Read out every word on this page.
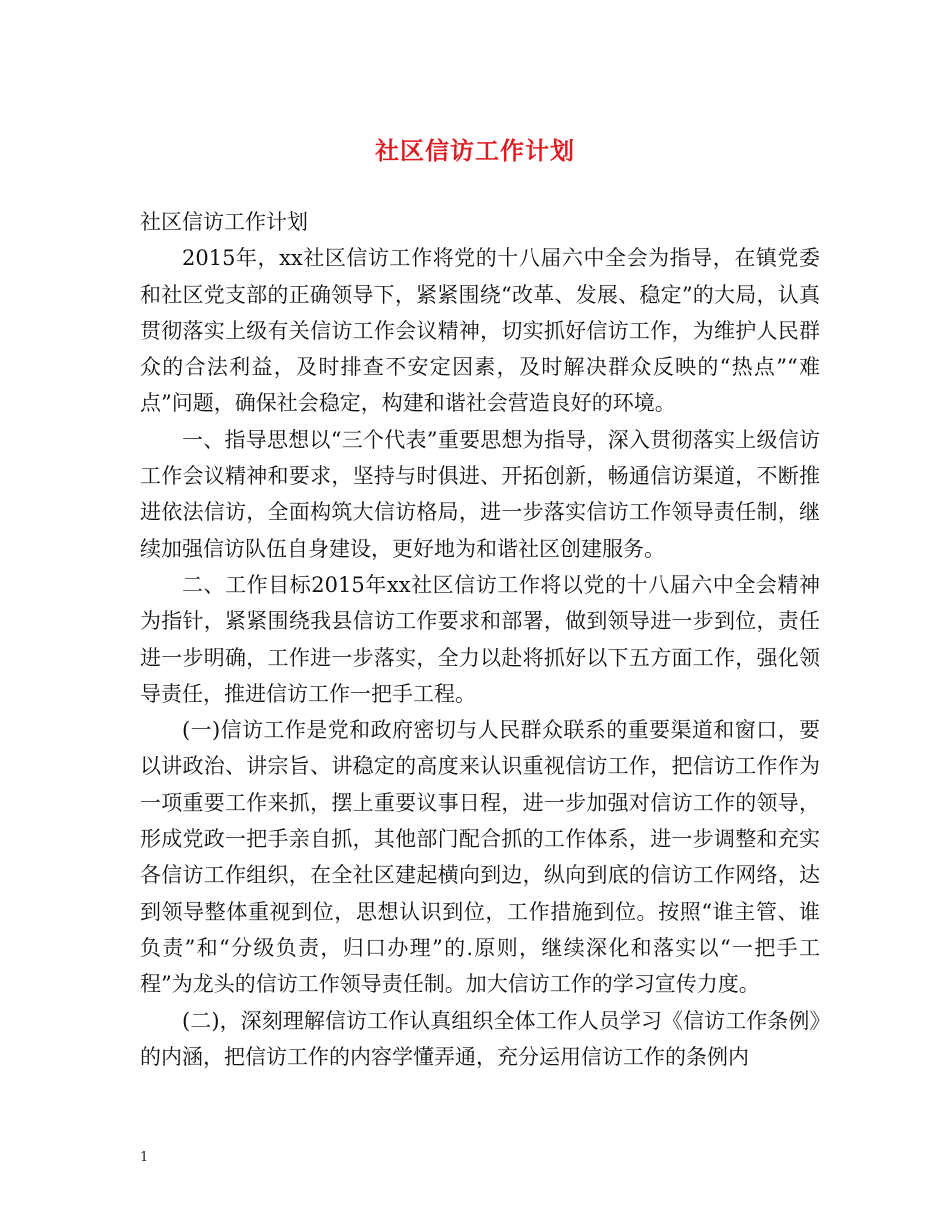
社区信访工作计划

社区信访工作计划

2015年，xx社区信访工作将党的十八届六中全会为指导，在镇党委和社区党支部的正确领导下，紧紧围绕“改革、发展、稳定”的大局，认真贯彻落实上级有关信访工作会议精神，切实抓好信访工作，为维护人民群众的合法利益，及时排查不安定因素，及时解决群众反映的“热点”“难点”问题，确保社会稳定，构建和谐社会营造良好的环境。

一、指导思想以“三个代表”重要思想为指导，深入贯彻落实上级信访工作会议精神和要求，坚持与时俱进、开拓创新，畅通信访渠道，不断推进依法信访，全面构筑大信访格局，进一步落实信访工作领导责任制，继续加强信访队伍自身建设，更好地为和谐社区创建服务。

二、工作目标2015年xx社区信访工作将以党的十八届六中全会精神为指针，紧紧围绕我县信访工作要求和部署，做到领导进一步到位，责任进一步明确，工作进一步落实，全力以赴将抓好以下五方面工作，强化领导责任，推进信访工作一把手工程。

(一)信访工作是党和政府密切与人民群众联系的重要渠道和窗口，要以讲政治、讲宗旨、讲稳定的高度来认识重视信访工作，把信访工作作为一项重要工作来抓，摆上重要议事日程，进一步加强对信访工作的领导，形成党政一把手亲自抓，其他部门配合抓的工作体系，进一步调整和充实各信访工作组织，在全社区建起横向到边，纵向到底的信访工作网络，达到领导整体重视到位，思想认识到位，工作措施到位。按照“谁主管、谁负责”和“分级负责，归口办理”的.原则，继续深化和落实以“一把手工程”为龙头的信访工作领导责任制。加大信访工作的学习宣传力度。

(二)，深刻理解信访工作认真组织全体工作人员学习《信访工作条例》的内涵，把信访工作的内容学懂弄通，充分运用信访工作的条例内

1
